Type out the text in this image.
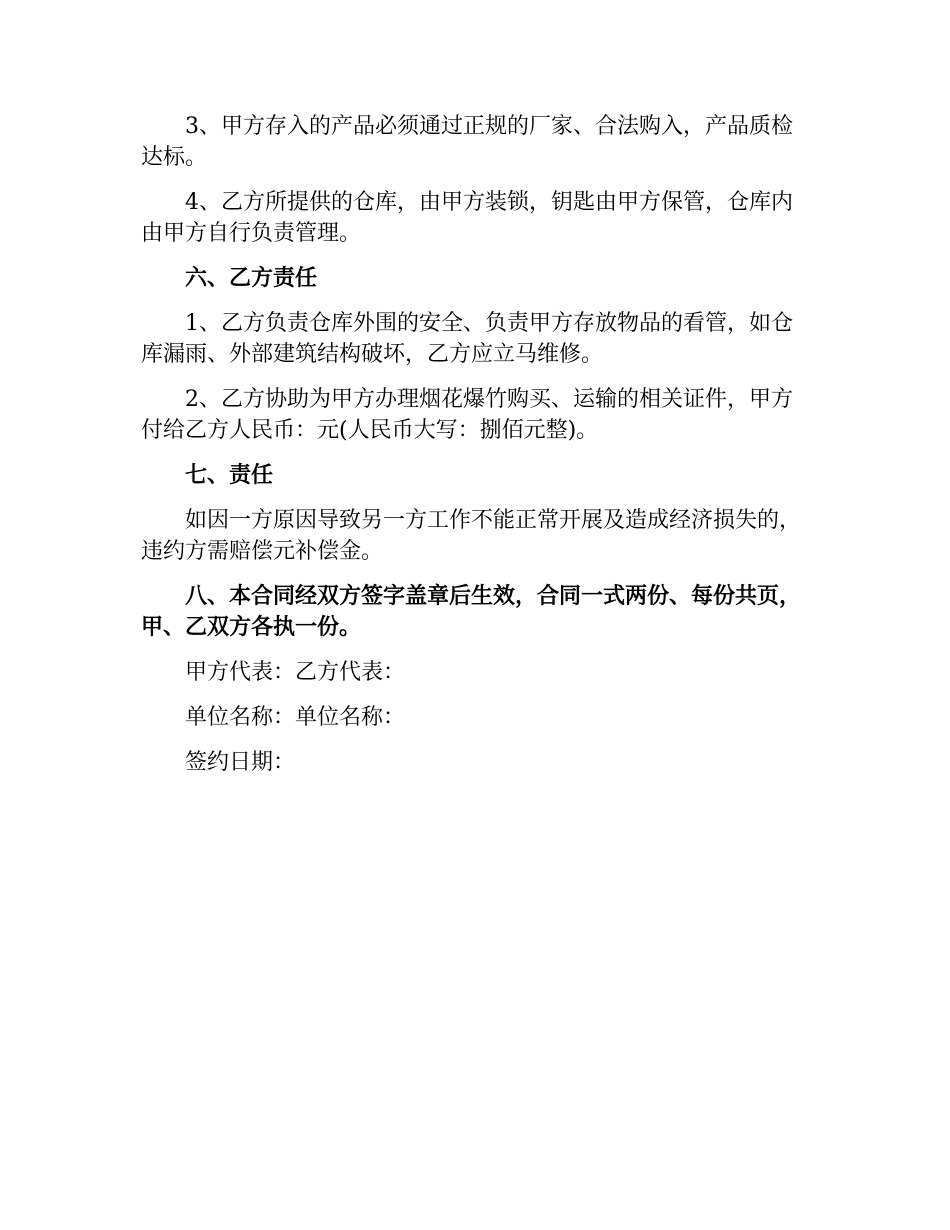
3、甲方存入的产品必须通过正规的厂家、合法购入，产品质检达标。

4、乙方所提供的仓库，由甲方装锁，钥匙由甲方保管，仓库内由甲方自行负责管理。

六、乙方责任

1、乙方负责仓库外围的安全、负责甲方存放物品的看管，如仓库漏雨、外部建筑结构破坏，乙方应立马维修。

2、乙方协助为甲方办理烟花爆竹购买、运输的相关证件，甲方付给乙方人民币：元(人民币大写：捌佰元整)。

七、责任

如因一方原因导致另一方工作不能正常开展及造成经济损失的，违约方需赔偿元补偿金。

八、本合同经双方签字盖章后生效，合同一式两份、每份共页，甲、乙双方各执一份。

甲方代表：乙方代表：

单位名称：单位名称：

签约日期：
